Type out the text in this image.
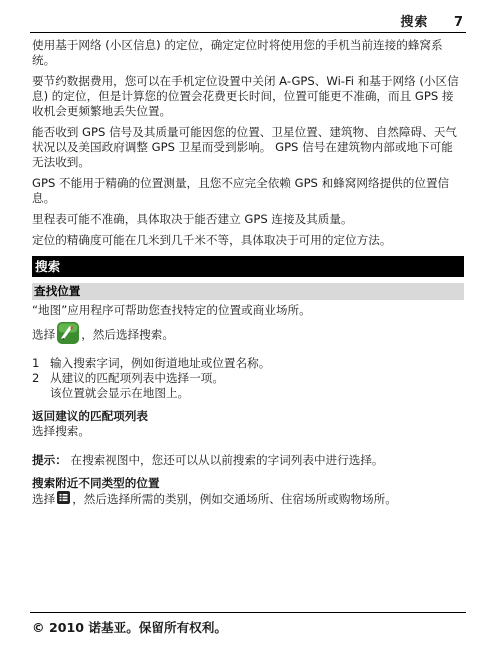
搜索 7

使用基于网络 (小区信息) 的定位，确定定位时将使用您的手机当前连接的蜂窝系统。

要节约数据费用，您可以在手机定位设置中关闭 A-GPS、Wi-Fi 和基于网络 (小区信息) 的定位，但是计算您的位置会花费更长时间，位置可能更不准确，而且 GPS 接收机会更频繁地丢失位置。

能否收到 GPS 信号及其质量可能因您的位置、卫星位置、建筑物、自然障碍、天气状况以及美国政府调整 GPS 卫星而受到影响。 GPS 信号在建筑物内部或地下可能无法收到。

GPS 不能用于精确的位置测量，且您不应完全依赖 GPS 和蜂窝网络提供的位置信息。

里程表可能不准确，具体取决于能否建立 GPS 连接及其质量。

定位的精确度可能在几米到几千米不等，具体取决于可用的定位方法。

搜索
查找位置
“地图”应用程序可帮助您查找特定的位置或商业场所。
选择 ，然后选择搜索。
1 输入搜索字词，例如街道地址或位置名称。
2 从建议的匹配项列表中选择一项。
该位置就会显示在地图上。
返回建议的匹配项列表
选择搜索。
提示： 在搜索视图中，您还可以从以前搜索的字词列表中进行选择。
搜索附近不同类型的位置
选择 ，然后选择所需的类别，例如交通场所、住宿场所或购物场所。
© 2010 诺基亚。保留所有权利。
